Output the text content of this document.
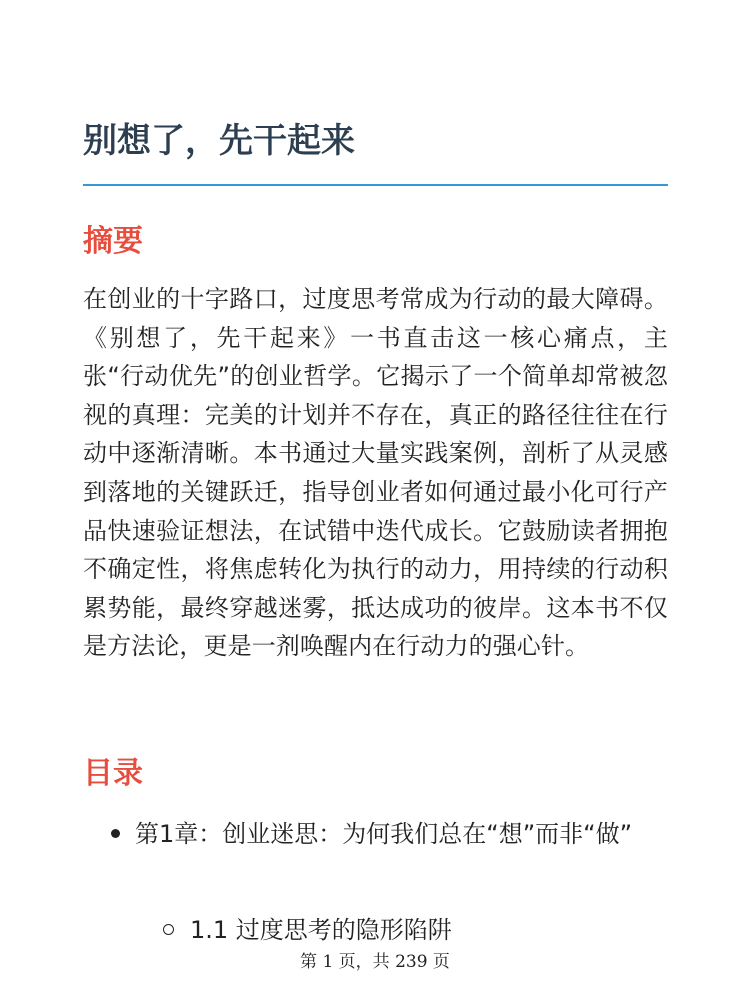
别想了，先干起来
摘要

在创业的十字路口，过度思考常成为行动的最大障碍。《别想了，先干起来》一书直击这一核心痛点，主张“行动优先”的创业哲学。它揭示了一个简单却常被忽视的真理：完美的计划并不存在，真正的路径往往在行动中逐渐清晰。本书通过大量实践案例，剖析了从灵感到落地的关键跃迁，指导创业者如何通过最小化可行产品快速验证想法，在试错中迭代成长。它鼓励读者拥抱不确定性，将焦虑转化为执行的动力，用持续的行动积累势能，最终穿越迷雾，抵达成功的彼岸。这本书不仅是方法论，更是一剂唤醒内在行动力的强心针。

目录
第1章：创业迷思：为何我们总在“想”而非“做”
1.1 过度思考的隐形陷阱
第 1 页，共 239 页
